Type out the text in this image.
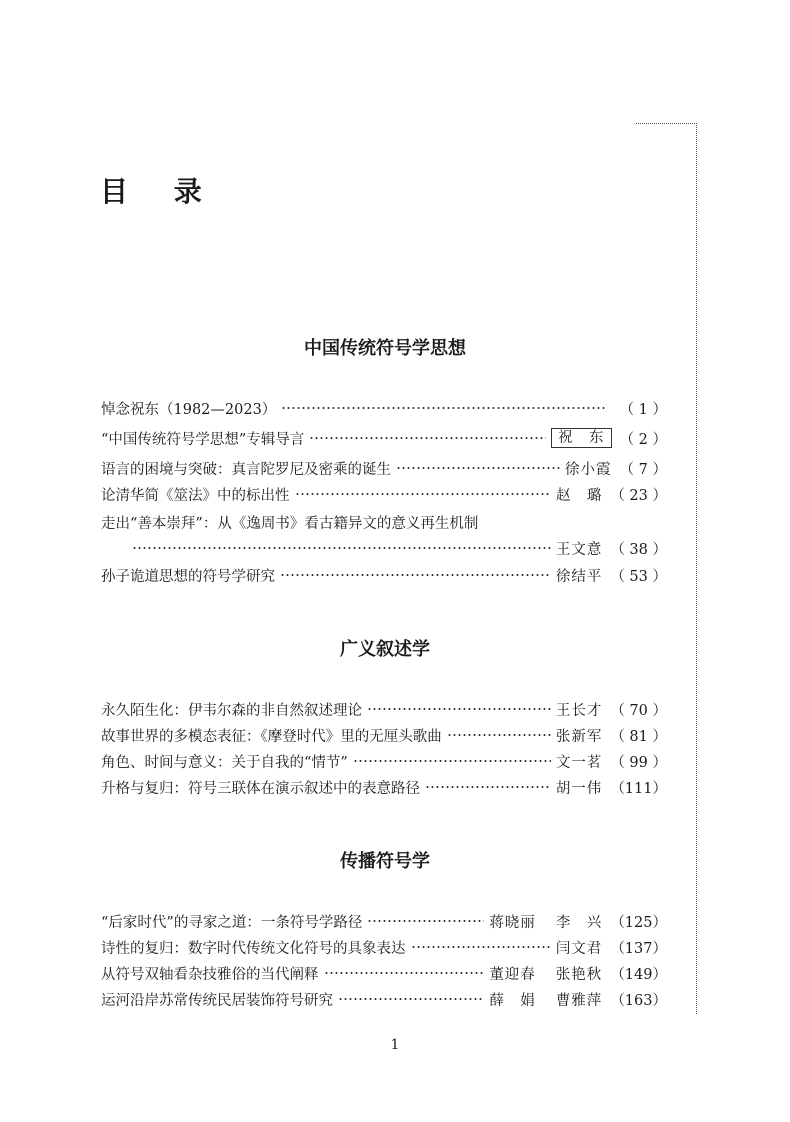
目 录
中国传统符号学思想
悼念祝东（1982—2023）	（ 1 ）
“中国传统符号学思想”专辑导言	祝　东	（ 2 ）
语言的困境与突破：真言陀罗尼及密乘的诞生	徐小霞 （ 7 ）
论清华简《筮法》中的标出性	赵　璐 （ 23 ）
走出“善本崇拜”：从《逸周书》看古籍异文的意义再生机制
王文意 （ 38 ）
孙子诡道思想的符号学研究	徐结平 （ 53 ）
广义叙述学
永久陌生化：伊韦尔森的非自然叙述理论	王长才 （ 70 ）
故事世界的多模态表征：《摩登时代》里的无厘头歌曲	张新军 （ 81 ）
角色、时间与意义：关于自我的“情节”	文一茗 （ 99 ）
升格与复归：符号三联体在演示叙述中的表意路径	胡一伟 （111）
传播符号学
“后家时代”的寻家之道：一条符号学路径	蒋晓丽 李　兴 （125）
诗性的复归：数字时代传统文化符号的具象表达	闫文君 （137）
从符号双轴看杂技雅俗的当代阐释	董迎春 张艳秋 （149）
运河沿岸苏常传统民居装饰符号研究	薛　娟 曹雅萍 （163）
1
